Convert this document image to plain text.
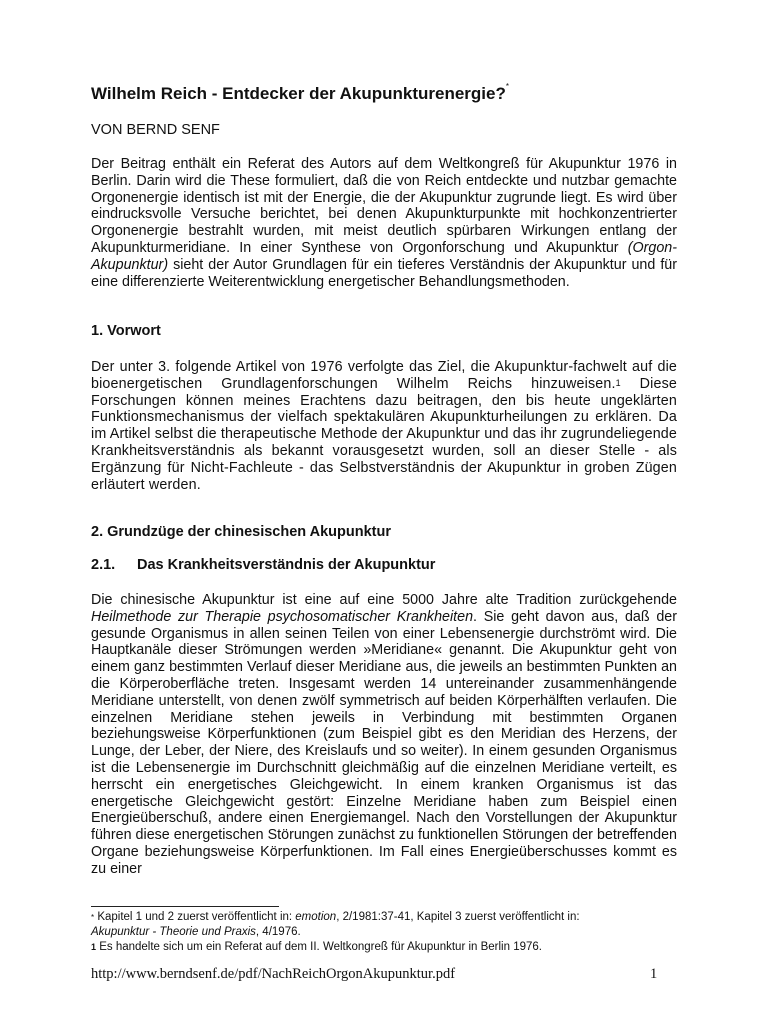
Wilhelm Reich - Entdecker der Akupunkturenergie?*
VON BERND SENF
Der Beitrag enthält ein Referat des Autors auf dem Weltkongreß für Akupunktur 1976 in Berlin. Darin wird die These formuliert, daß die von Reich entdeckte und nutzbar gemachte Orgonenergie identisch ist mit der Energie, die der Akupunktur zugrunde liegt. Es wird über eindrucksvolle Versuche berichtet, bei denen Akupunkturpunkte mit hochkonzentrierter Orgonenergie bestrahlt wurden, mit meist deutlich spürbaren Wirkungen entlang der Akupunkturmeridiane. In einer Synthese von Orgonforschung und Akupunktur (Orgon-Akupunktur) sieht der Autor Grundlagen für ein tieferes Verständnis der Akupunktur und für eine differenzierte Weiterentwicklung energetischer Behandlungsmethoden.
1. Vorwort
Der unter 3. folgende Artikel von 1976 verfolgte das Ziel, die Akupunktur-fachwelt auf die bioenergetischen Grundlagenforschungen Wilhelm Reichs hinzuweisen.$^1$ Diese Forschungen können meines Erachtens dazu beitragen, den bis heute ungeklärten Funktionsmechanismus der vielfach spektakulären Akupunkturheilungen zu erklären. Da im Artikel selbst die therapeutische Methode der Akupunktur und das ihr zugrundeliegende Krankheitsverständnis als bekannt vorausgesetzt wurden, soll an dieser Stelle - als Ergänzung für Nicht-Fachleute - das Selbstverständnis der Akupunktur in groben Zügen erläutert werden.
2. Grundzüge der chinesischen Akupunktur
2.1. Das Krankheitsverständnis der Akupunktur
Die chinesische Akupunktur ist eine auf eine 5000 Jahre alte Tradition zurückgehende Heilmethode zur Therapie psychosomatischer Krankheiten. Sie geht davon aus, daß der gesunde Organismus in allen seinen Teilen von einer Lebensenergie durchströmt wird. Die Hauptkanäle dieser Strömungen werden »Meridiane« genannt. Die Akupunktur geht von einem ganz bestimmten Verlauf dieser Meridiane aus, die jeweils an bestimmten Punkten an die Körperoberfläche treten. Insgesamt werden 14 untereinander zusammenhängende Meridiane unterstellt, von denen zwölf symmetrisch auf beiden Körperhälften verlaufen. Die einzelnen Meridiane stehen jeweils in Verbindung mit bestimmten Organen beziehungsweise Körperfunktionen (zum Beispiel gibt es den Meridian des Herzens, der Lunge, der Leber, der Niere, des Kreislaufs und so weiter). In einem gesunden Organismus ist die Lebensenergie im Durchschnitt gleichmäßig auf die einzelnen Meridiane verteilt, es herrscht ein energetisches Gleichgewicht. In einem kranken Organismus ist das energetische Gleichgewicht gestört: Einzelne Meridiane haben zum Beispiel einen Energieüberschuß, andere einen Energiemangel. Nach den Vorstellungen der Akupunktur führen diese energetischen Störungen zunächst zu funktionellen Störungen der betreffenden Organe beziehungsweise Körperfunktionen. Im Fall eines Energieüberschusses kommt es zu einer
* Kapitel 1 und 2 zuerst veröffentlicht in: emotion, 2/1981:37-41, Kapitel 3 zuerst veröffentlicht in:
Akupunktur - Theorie und Praxis, 4/1976.
$^1$ Es handelte sich um ein Referat auf dem II. Weltkongreß für Akupunktur in Berlin 1976.
http://www.berndsenf.de/pdf/NachReichOrgonAkupunktur.pdf	1
